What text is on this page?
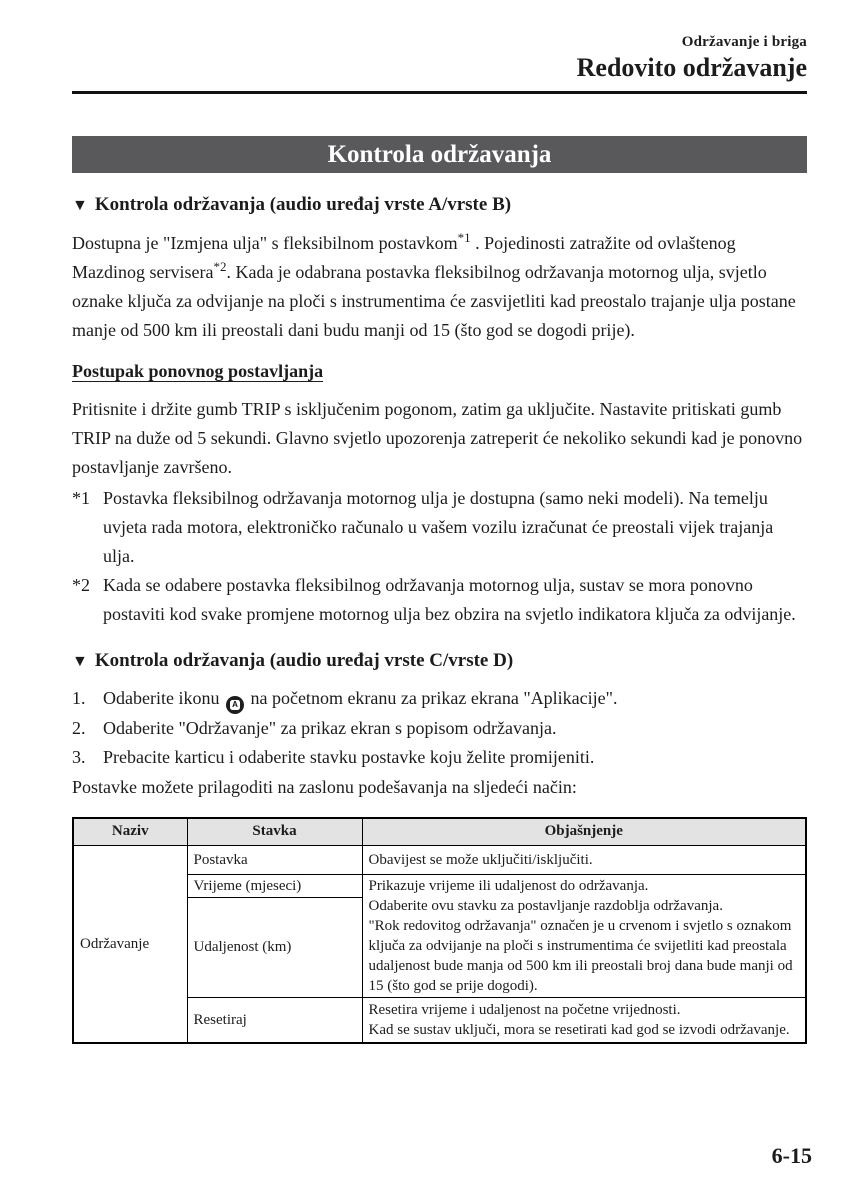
Održavanje i briga
Redovito održavanje
Kontrola održavanja
▼ Kontrola održavanja (audio uređaj vrste A/vrste B)

Dostupna je "Izmjena ulja" s fleksibilnom postavkom$^{*1}$ . Pojedinosti zatražite od ovlaštenog Mazdinog servisera$^{*2}$. Kada je odabrana postavka fleksibilnog održavanja motornog ulja, svjetlo oznake ključa za odvijanje na ploči s instrumentima će zasvijetliti kad preostalo trajanje ulja postane manje od 500 km ili preostali dani budu manji od 15 (što god se dogodi prije).

Postupak ponovnog postavljanja

Pritisnite i držite gumb TRIP s isključenim pogonom, zatim ga uključite. Nastavite pritiskati gumb TRIP na duže od 5 sekundi. Glavno svjetlo upozorenja zatreperit će nekoliko sekundi kad je ponovno postavljanje završeno.

*1 Postavka fleksibilnog održavanja motornog ulja je dostupna (samo neki modeli). Na temelju uvjeta rada motora, elektroničko računalo u vašem vozilu izračunat će preostali vijek trajanja ulja.
*2 Kada se odabere postavka fleksibilnog održavanja motornog ulja, sustav se mora ponovno postaviti kod svake promjene motornog ulja bez obzira na svjetlo indikatora ključa za odvijanje.
▼ Kontrola održavanja (audio uređaj vrste C/vrste D)
1. Odaberite ikonu A na početnom ekranu za prikaz ekrana "Aplikacije".
2. Odaberite "Održavanje" za prikaz ekran s popisom održavanja.
3. Prebacite karticu i odaberite stavku postavke koju želite promijeniti.

Postavke možete prilagoditi na zaslonu podešavanja na sljedeći način:

Naziv	Stavka	Objašnjenje
Održavanje	Postavka	Obavijest se može uključiti/isključiti.
	Vrijeme (mjeseci)	Prikazuje vrijeme ili udaljenost do održavanja.
Odaberite ovu stavku za postavljanje razdoblja održavanja.
"Rok redovitog održavanja" označen je u crvenom i svjetlo s oznakom ključa za odvijanje na ploči s instrumentima će svijetliti kad preostala udaljenost bude manja od 500 km ili preostali broj dana bude manji od 15 (što god se prije dogodi).

	Udaljenost (km)	
	Resetiraj	Resetira vrijeme i udaljenost na početne vrijednosti.
Kad se sustav uključi, mora se resetirati kad god se izvodi održavanje.
6-15
